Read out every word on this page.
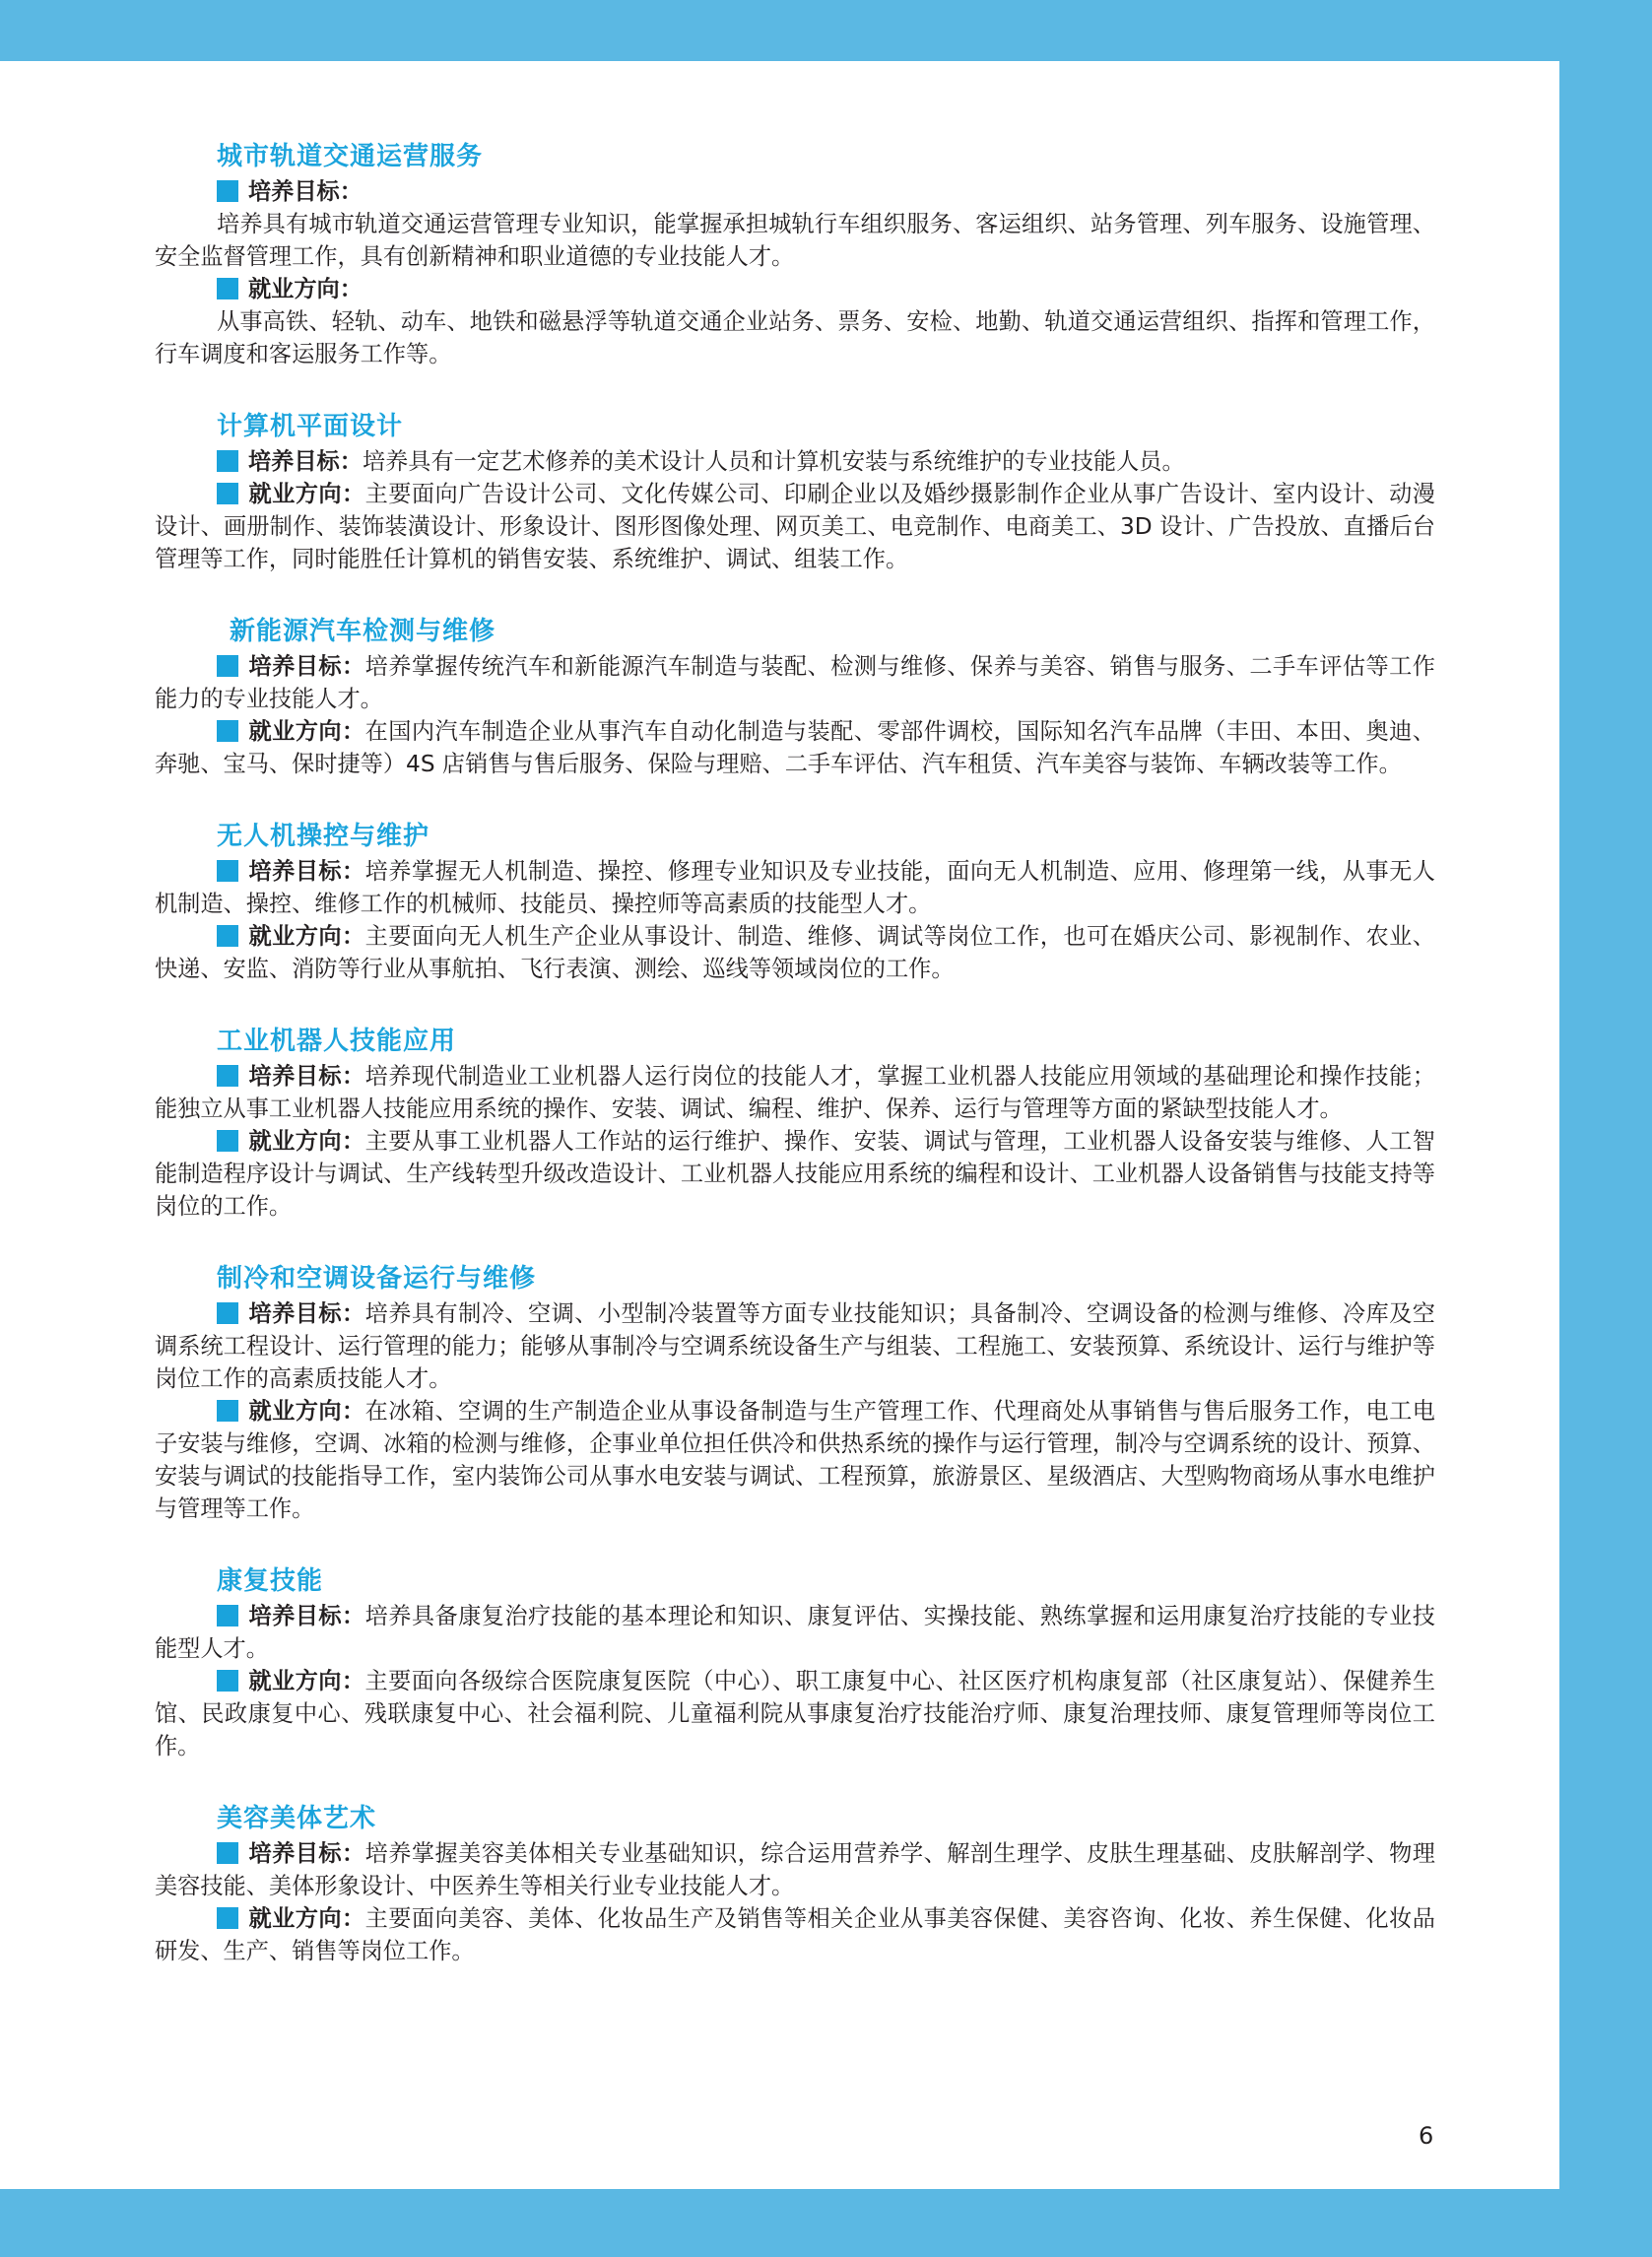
城市轨道交通运营服务

培养目标：

培养具有城市轨道交通运营管理专业知识，能掌握承担城轨行车组织服务、客运组织、站务管理、列车服务、设施管理、安全监督管理工作，具有创新精神和职业道德的专业技能人才。

就业方向：

从事高铁、轻轨、动车、地铁和磁悬浮等轨道交通企业站务、票务、安检、地勤、轨道交通运营组织、指挥和管理工作，行车调度和客运服务工作等。

计算机平面设计

培养目标：培养具有一定艺术修养的美术设计人员和计算机安装与系统维护的专业技能人员。

就业方向：主要面向广告设计公司、文化传媒公司、印刷企业以及婚纱摄影制作企业从事广告设计、室内设计、动漫设计、画册制作、装饰装潢设计、形象设计、图形图像处理、网页美工、电竞制作、电商美工、3D 设计、广告投放、直播后台管理等工作，同时能胜任计算机的销售安装、系统维护、调试、组装工作。

新能源汽车检测与维修

培养目标：培养掌握传统汽车和新能源汽车制造与装配、检测与维修、保养与美容、销售与服务、二手车评估等工作能力的专业技能人才。

就业方向：在国内汽车制造企业从事汽车自动化制造与装配、零部件调校，国际知名汽车品牌（丰田、本田、奥迪、奔驰、宝马、保时捷等）4S 店销售与售后服务、保险与理赔、二手车评估、汽车租赁、汽车美容与装饰、车辆改装等工作。

无人机操控与维护

培养目标：培养掌握无人机制造、操控、修理专业知识及专业技能，面向无人机制造、应用、修理第一线，从事无人机制造、操控、维修工作的机械师、技能员、操控师等高素质的技能型人才。

就业方向：主要面向无人机生产企业从事设计、制造、维修、调试等岗位工作，也可在婚庆公司、影视制作、农业、快递、安监、消防等行业从事航拍、飞行表演、测绘、巡线等领域岗位的工作。

工业机器人技能应用

培养目标：培养现代制造业工业机器人运行岗位的技能人才，掌握工业机器人技能应用领域的基础理论和操作技能；能独立从事工业机器人技能应用系统的操作、安装、调试、编程、维护、保养、运行与管理等方面的紧缺型技能人才。

就业方向：主要从事工业机器人工作站的运行维护、操作、安装、调试与管理，工业机器人设备安装与维修、人工智能制造程序设计与调试、生产线转型升级改造设计、工业机器人技能应用系统的编程和设计、工业机器人设备销售与技能支持等岗位的工作。

制冷和空调设备运行与维修

培养目标：培养具有制冷、空调、小型制冷装置等方面专业技能知识；具备制冷、空调设备的检测与维修、冷库及空调系统工程设计、运行管理的能力；能够从事制冷与空调系统设备生产与组装、工程施工、安装预算、系统设计、运行与维护等岗位工作的高素质技能人才。

就业方向：在冰箱、空调的生产制造企业从事设备制造与生产管理工作、代理商处从事销售与售后服务工作，电工电子安装与维修，空调、冰箱的检测与维修，企事业单位担任供冷和供热系统的操作与运行管理，制冷与空调系统的设计、预算、安装与调试的技能指导工作，室内装饰公司从事水电安装与调试、工程预算，旅游景区、星级酒店、大型购物商场从事水电维护与管理等工作。

康复技能

培养目标：培养具备康复治疗技能的基本理论和知识、康复评估、实操技能、熟练掌握和运用康复治疗技能的专业技能型人才。

就业方向：主要面向各级综合医院康复医院（中心）、职工康复中心、社区医疗机构康复部（社区康复站）、保健养生馆、民政康复中心、残联康复中心、社会福利院、儿童福利院从事康复治疗技能治疗师、康复治理技师、康复管理师等岗位工作。

美容美体艺术

培养目标：培养掌握美容美体相关专业基础知识，综合运用营养学、解剖生理学、皮肤生理基础、皮肤解剖学、物理美容技能、美体形象设计、中医养生等相关行业专业技能人才。

就业方向：主要面向美容、美体、化妆品生产及销售等相关企业从事美容保健、美容咨询、化妆、养生保健、化妆品研发、生产、销售等岗位工作。

6
